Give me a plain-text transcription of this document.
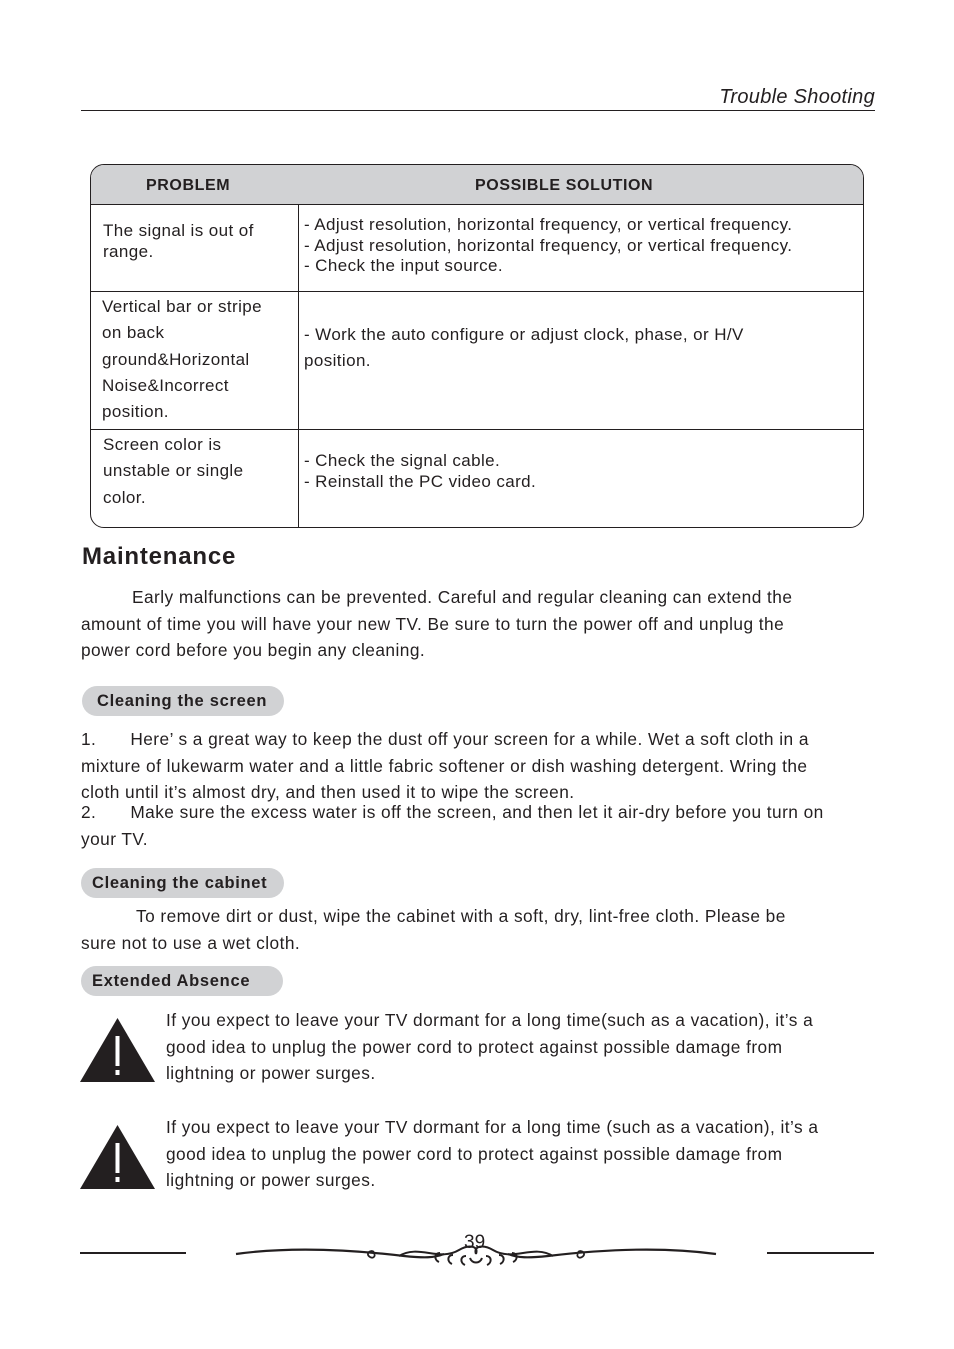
Trouble Shooting
PROBLEM	POSSIBLE SOLUTION
The signal is out of
range.
- Adjust resolution, horizontal frequency, or vertical frequency.
- Adjust resolution, horizontal frequency, or vertical frequency.
- Check the input source.
Vertical bar or stripe
on back
ground&Horizontal
Noise&Incorrect
position.
- Work the auto configure or adjust clock, phase, or H/V
position.
Screen color is
unstable or single
color.
- Check the signal cable.
- Reinstall the PC video card.
Maintenance
Early malfunctions can be prevented. Careful and regular cleaning can extend the
amount of time you will have your new TV. Be sure to turn the power off and unplug the
power cord before you begin any cleaning.
Cleaning the screen
1. Here’ s a great way to keep the dust off your screen for a while. Wet a soft cloth in a
mixture of lukewarm water and a little fabric softener or dish washing detergent. Wring the
cloth until it’s almost dry, and then used it to wipe the screen.
2. Make sure the excess water is off the screen, and then let it air-dry before you turn on
your TV.
Cleaning the cabinet
To remove dirt or dust, wipe the cabinet with a soft, dry, lint-free cloth. Please be
sure not to use a wet cloth.
Extended Absence
If you expect to leave your TV dormant for a long time(such as a vacation), it’s a
good idea to unplug the power cord to protect against possible damage from
lightning or power surges.
If you expect to leave your TV dormant for a long time (such as a vacation), it’s a
good idea to unplug the power cord to protect against possible damage from
lightning or power surges.
39
